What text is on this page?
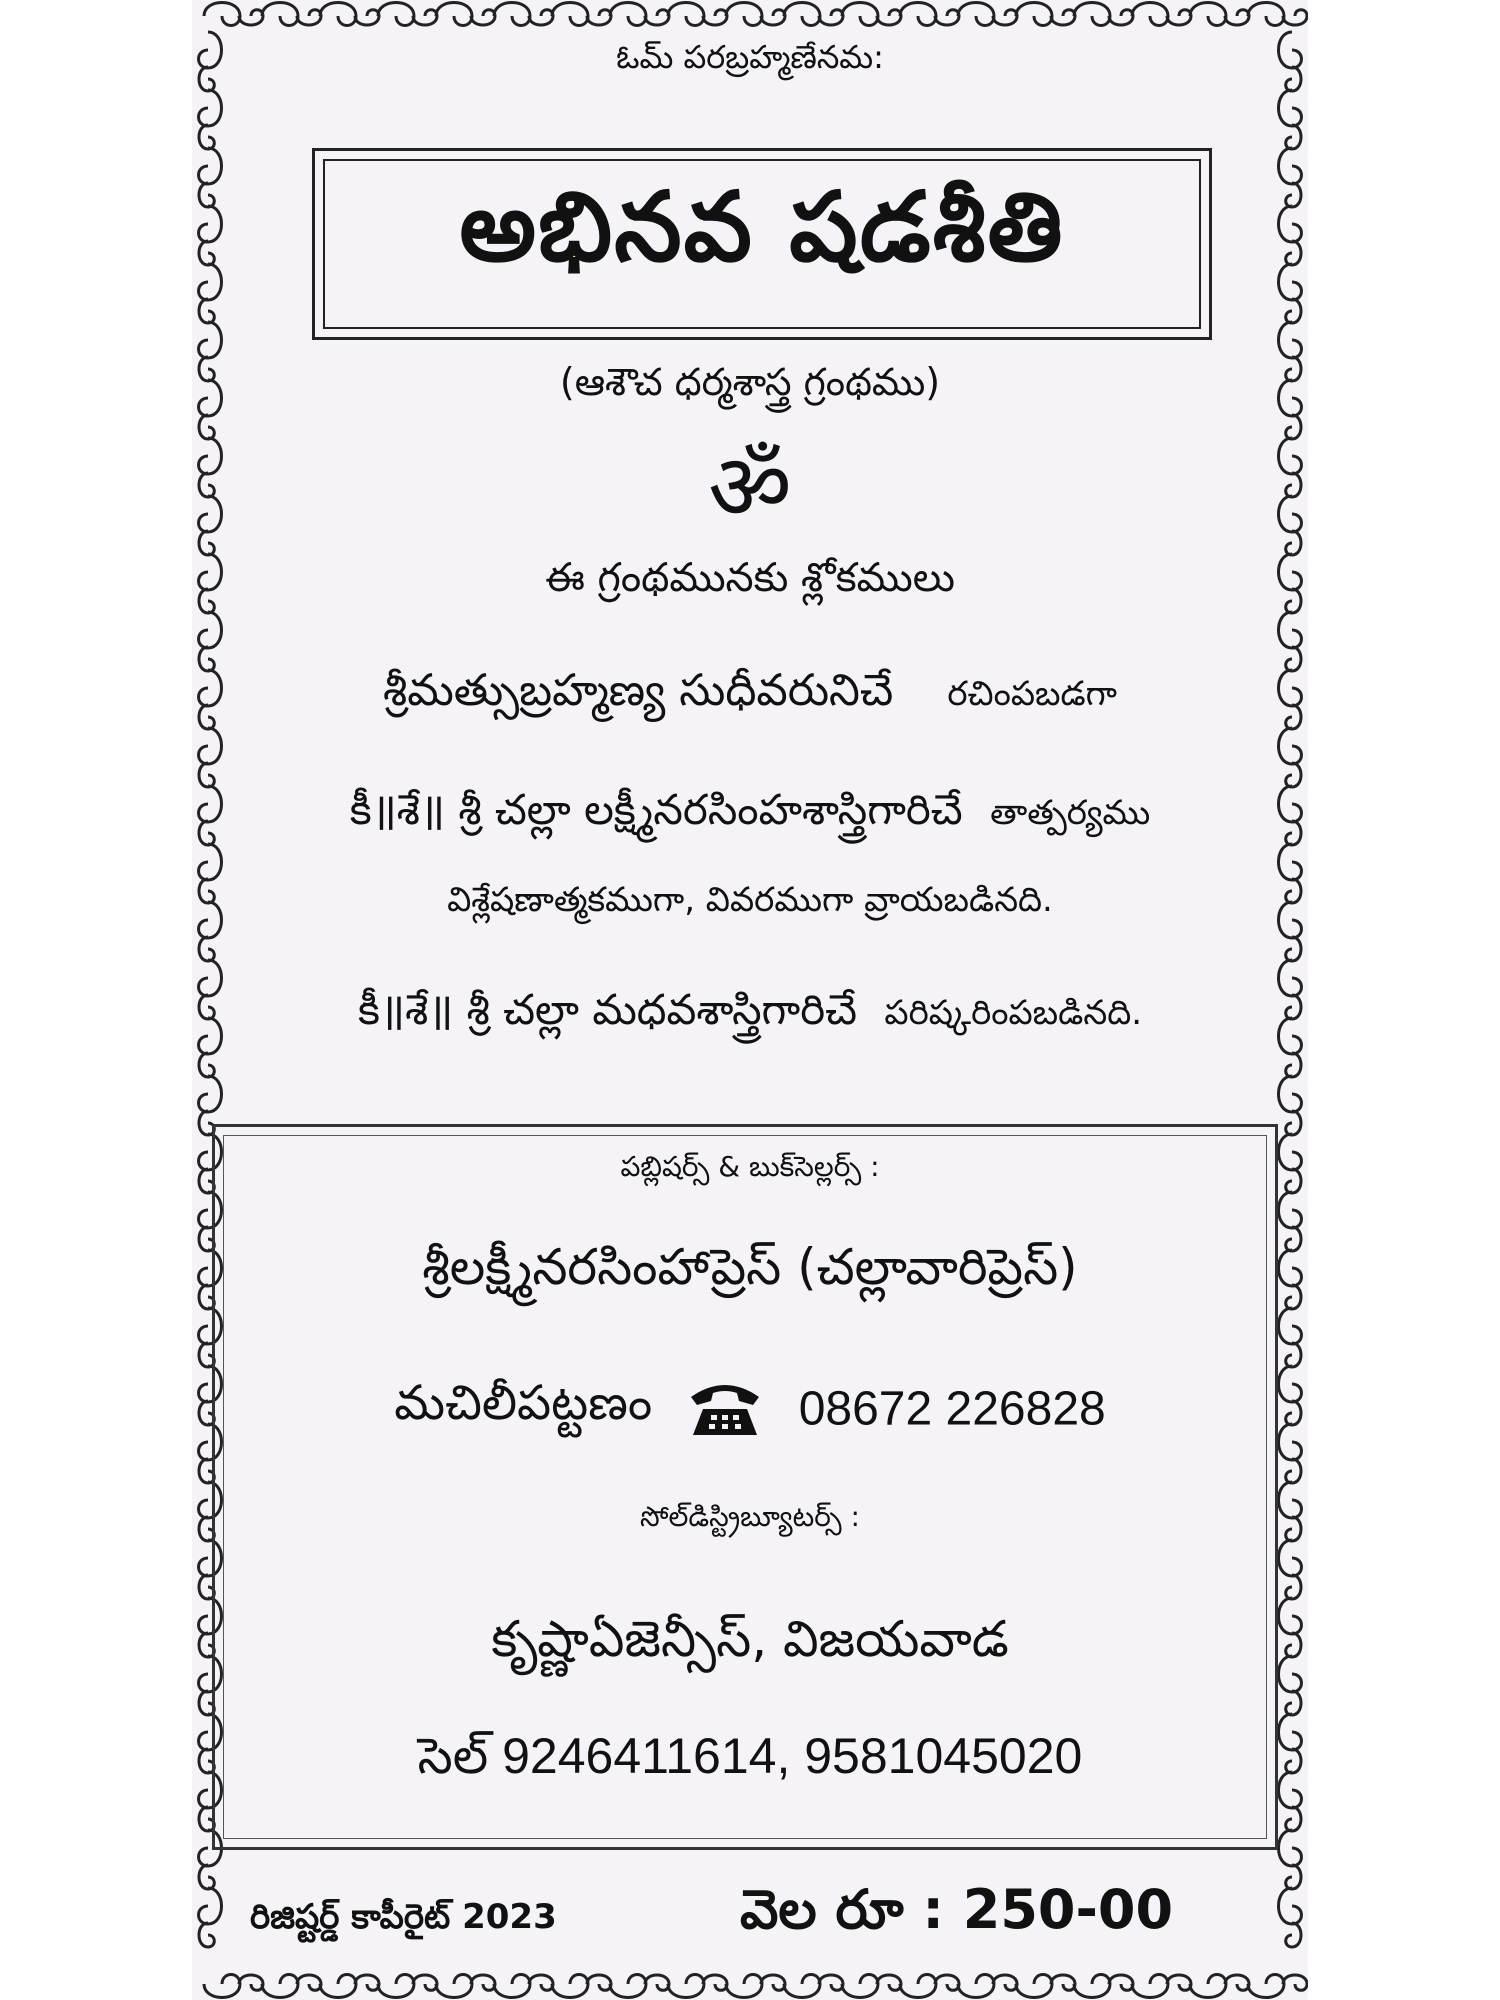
ఓమ్ పరబ్రహ్మణేనమ:
అభినవ షడశీతి
(ఆశౌచ ధర్మశాస్త్ర గ్రంథము)
ॐ
ఈ గ్రంథమునకు శ్లోకములు
శ్రీమత్సుబ్రహ్మణ్య సుధీవరునిచే రచింపబడగా
కీ॥శే॥ శ్రీ చల్లా లక్ష్మీనరసింహశాస్త్రిగారిచే తాత్పర్యము
విశ్లేషణాత్మకముగా, వివరముగా వ్రాయబడినది.
కీ॥శే॥ శ్రీ చల్లా మధవశాస్త్రిగారిచే పరిష్కరింపబడినది.
పబ్లిషర్స్ & బుక్‌సెల్లర్స్ :
శ్రీలక్ష్మీనరసింహాప్రెస్ (చల్లావారిప్రెస్)
మచిలీపట్టణం	08672 226828
సోల్‌డిస్ట్రిబ్యూటర్స్ :
కృష్ణాఏజెన్సీస్, విజయవాడ
సెల్ 9246411614, 9581045020
రిజిష్టర్డ్ కాపీరైట్ 2023	వెల రూ : 250-00
